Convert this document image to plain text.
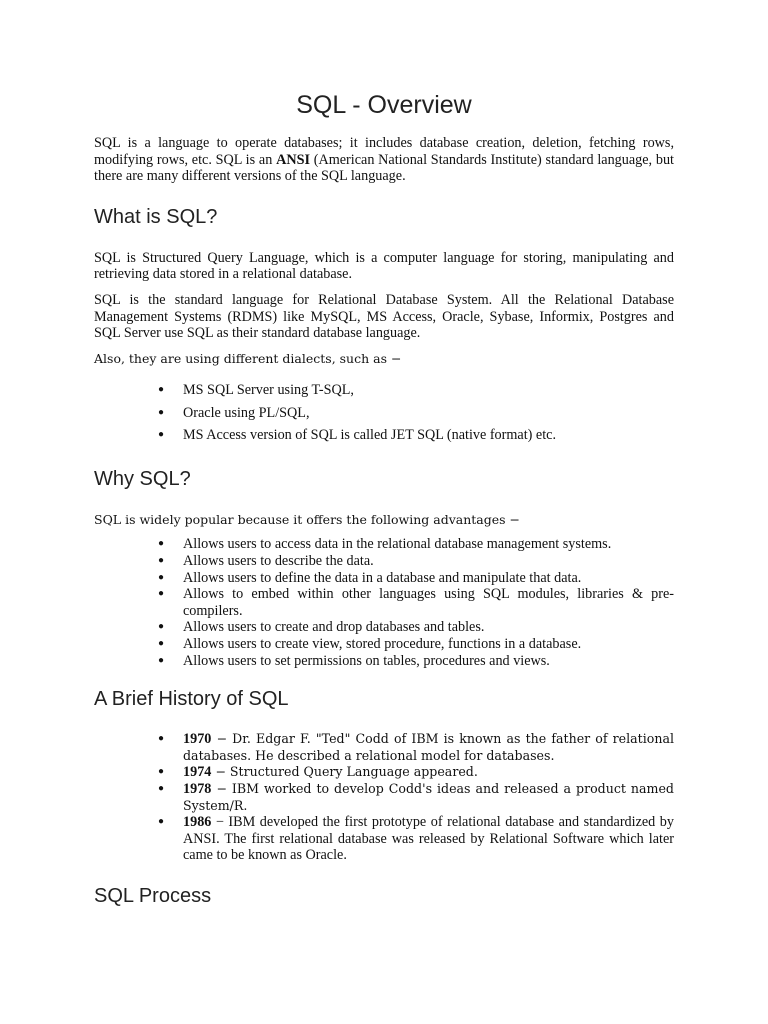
SQL - Overview

SQL is a language to operate databases; it includes database creation, deletion, fetching rows, modifying rows, etc. SQL is an ANSI (American National Standards Institute) standard language, but there are many different versions of the SQL language.

What is SQL?

SQL is Structured Query Language, which is a computer language for storing, manipulating and retrieving data stored in a relational database.

SQL is the standard language for Relational Database System. All the Relational Database Management Systems (RDMS) like MySQL, MS Access, Oracle, Sybase, Informix, Postgres and SQL Server use SQL as their standard database language.

Also, they are using different dialects, such as −

● MS SQL Server using T-SQL,
● Oracle using PL/SQL,
● MS Access version of SQL is called JET SQL (native format) etc.
Why SQL?

SQL is widely popular because it offers the following advantages −

● Allows users to access data in the relational database management systems.
● Allows users to describe the data.
● Allows users to define the data in a database and manipulate that data.
● Allows to embed within other languages using SQL modules, libraries & pre-compilers.
● Allows users to create and drop databases and tables.
● Allows users to create view, stored procedure, functions in a database.
● Allows users to set permissions on tables, procedures and views.
A Brief History of SQL
● 1970 − Dr. Edgar F. "Ted" Codd of IBM is known as the father of relational databases. He described a relational model for databases.
● 1974 − Structured Query Language appeared.
● 1978 − IBM worked to develop Codd's ideas and released a product named System/R.
● 1986 − IBM developed the first prototype of relational database and standardized by ANSI. The first relational database was released by Relational Software which later came to be known as Oracle.
SQL Process
